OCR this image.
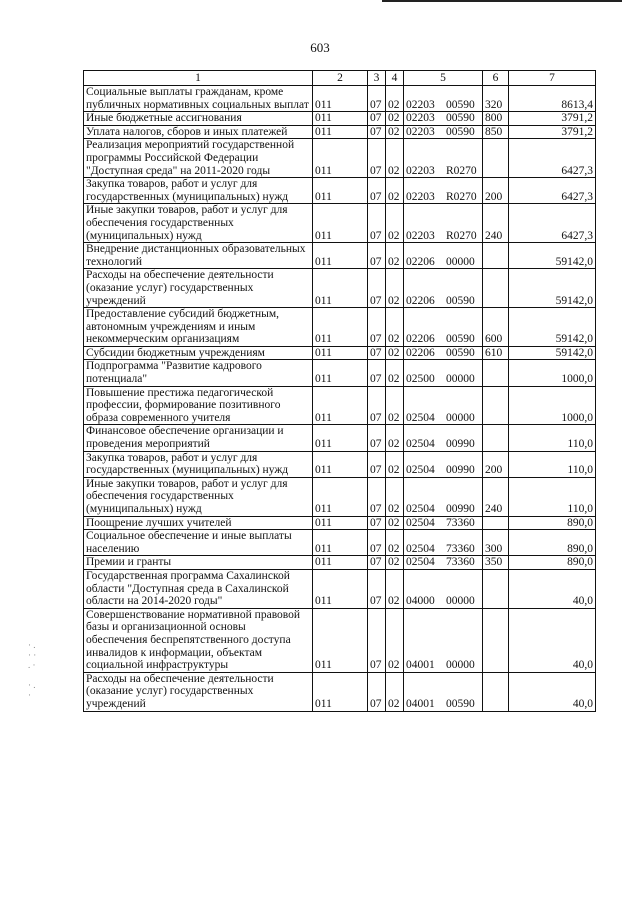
603
· .
· ·
. ·

· .
·
1	2	3	4	5	6	7
Социальные выплаты гражданам, кроме публичных нормативных социальных выплат	011	07	02	02203 00590	320	8613,4
Иные бюджетные ассигнования	011	07	02	02203 00590	800	3791,2
Уплата налогов, сборов и иных платежей	011	07	02	02203 00590	850	3791,2
Реализация мероприятий государственной программы Российской Федерации "Доступная среда" на 2011-2020 годы	011	07	02	02203 R0270		6427,3
Закупка товаров, работ и услуг для государственных (муниципальных) нужд	011	07	02	02203 R0270	200	6427,3
Иные закупки товаров, работ и услуг для обеспечения государственных (муниципальных) нужд	011	07	02	02203 R0270	240	6427,3
Внедрение дистанционных образовательных технологий	011	07	02	02206 00000		59142,0
Расходы на обеспечение деятельности (оказание услуг) государственных учреждений	011	07	02	02206 00590		59142,0
Предоставление субсидий бюджетным, автономным учреждениям и иным некоммерческим организациям	011	07	02	02206 00590	600	59142,0
Субсидии бюджетным учреждениям	011	07	02	02206 00590	610	59142,0
Подпрограмма "Развитие кадрового потенциала"	011	07	02	02500 00000		1000,0
Повышение престижа педагогической профессии, формирование позитивного образа современного учителя	011	07	02	02504 00000		1000,0
Финансовое обеспечение организации и проведения мероприятий	011	07	02	02504 00990		110,0
Закупка товаров, работ и услуг для государственных (муниципальных) нужд	011	07	02	02504 00990	200	110,0
Иные закупки товаров, работ и услуг для обеспечения государственных (муниципальных) нужд	011	07	02	02504 00990	240	110,0
Поощрение лучших учителей	011	07	02	02504 73360		890,0
Социальное обеспечение и иные выплаты населению	011	07	02	02504 73360	300	890,0
Премии и гранты	011	07	02	02504 73360	350	890,0
Государственная программа Сахалинской области "Доступная среда в Сахалинской области на 2014-2020 годы"	011	07	02	04000 00000		40,0
Совершенствование нормативной правовой базы и организационной основы обеспечения беспрепятственного доступа инвалидов к информации, объектам социальной инфраструктуры	011	07	02	04001 00000		40,0
Расходы на обеспечение деятельности (оказание услуг) государственных учреждений	011	07	02	04001 00590		40,0
